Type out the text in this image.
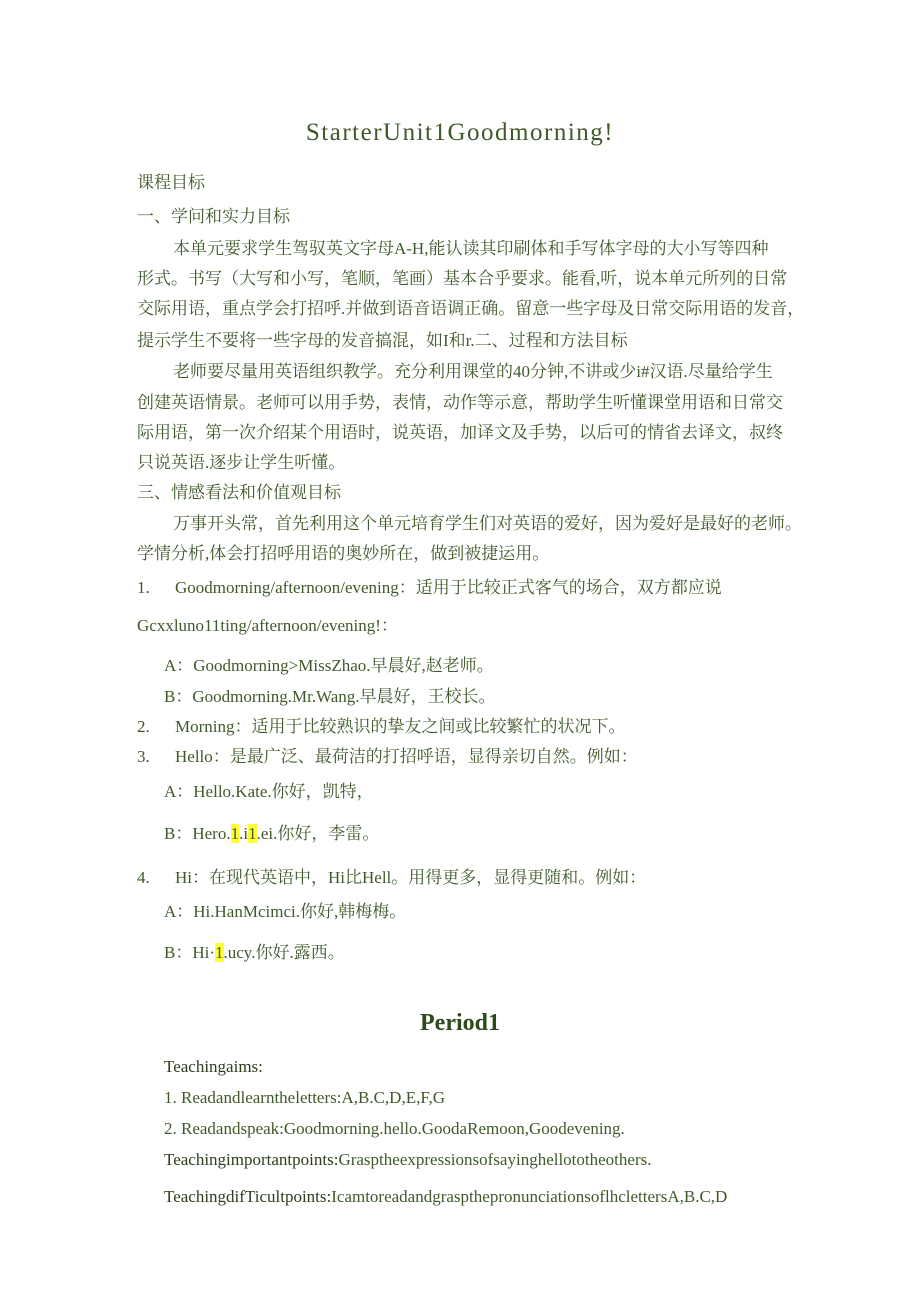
StarterUnit1Goodmorning!
课程目标
一、学问和实力目标
本单元要求学生驾驭英文字母A-H,能认读其印刷体和手写体字母的大小写等四种
形式。书写（大写和小写，笔顺，笔画）基本合乎要求。能看,听，说本单元所列的日常
交际用语，重点学会打招呼.并做到语音语调正确。留意一些字母及日常交际用语的发音，
提示学生不要将一些字母的发音搞混，如I和r.二、过程和方法目标
老师要尽量用英语组织教学。充分利用课堂的40分钟,不讲或少i#汉语.尽量给学生
创建英语情景。老师可以用手势，表情，动作等示意，帮助学生听懂课堂用语和日常交
际用语，第一次介绍某个用语时，说英语，加译文及手势，以后可的情省去译文，叔终
只说英语.逐步让学生听懂。
三、情感看法和价值观目标
万事开头常，首先利用这个单元培育学生们对英语的爱好，因为爱好是最好的老师。
学情分析,体会打招呼用语的奥妙所在，做到被捷运用。
1. Goodmorning/afternoon/evening：适用于比较正式客气的场合，双方都应说
Gcxxluno11ting/afternoon/evening!：
A：Goodmorning>MissZhao.早晨好,赵老师。
B：Goodmorning.Mr.Wang.早晨好，王校长。
2. Morning：适用于比较熟识的挚友之间或比较繁忙的状况下。
3. Hello：是最广泛、最荷洁的打招呼语，显得亲切自然。例如：
A：Hello.Kate.你好，凯特，
B：Hero.1.i1.ei.你好，李雷。
4. Hi：在现代英语中，Hi比Hell。用得更多，显得更随和。例如：
A：Hi.HanMcimci.你好,韩梅梅。
B：Hi·1.ucy.你好.露西。
Period1
Teachingaims:
1. Readandlearntheletters:A,B.C,D,E,F,G
2. Readandspeak:Goodmorning.hello.GoodaRemoon,Goodevening.
Teachingimportantpoints:Grasptheexpressionsofsayinghellototheothers.
TeachingdifTicultpoints:IcamtoreadandgraspthepronunciationsoflhclettersA,B.C,D
